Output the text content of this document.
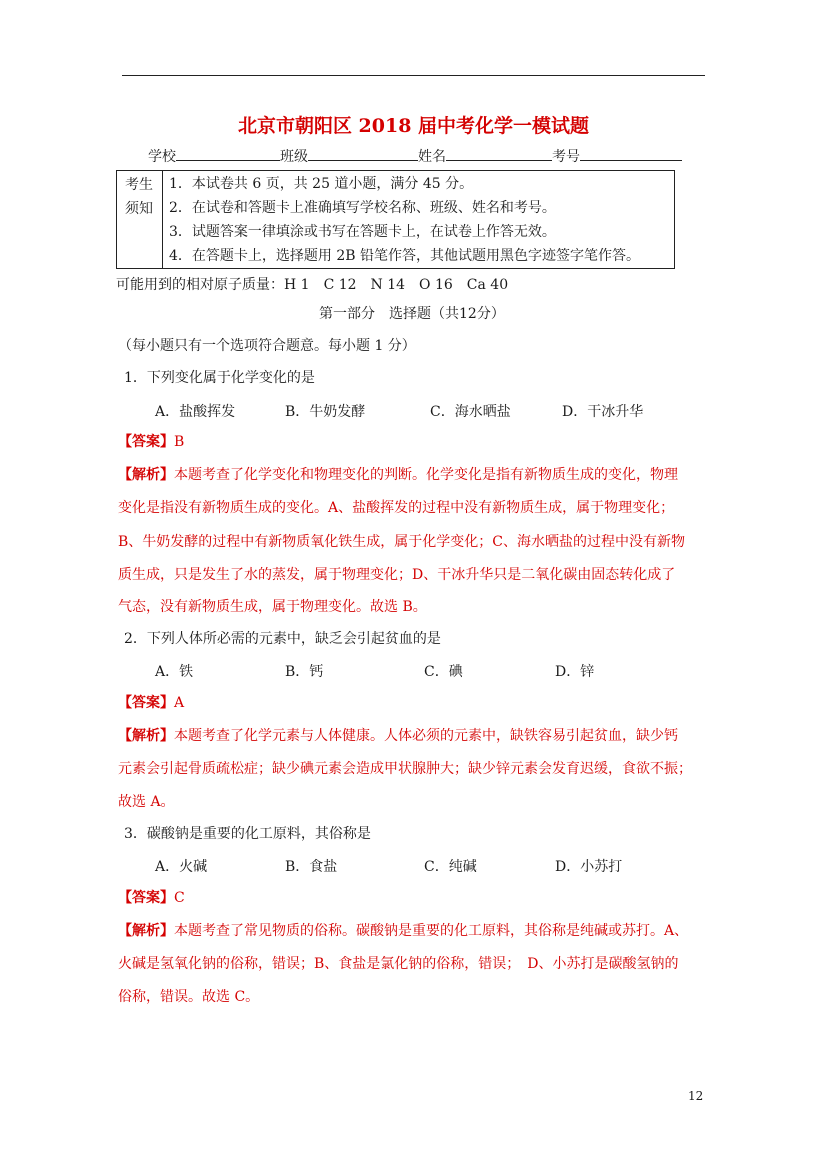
北京市朝阳区 2018 届中考化学一模试题
学校	班级	姓名	考号
考生
须知
1．本试卷共 6 页，共 25 道小题，满分 45 分。
2．在试卷和答题卡上准确填写学校名称、班级、姓名和考号。
3．试题答案一律填涂或书写在答题卡上，在试卷上作答无效。
4．在答题卡上，选择题用 2B 铅笔作答，其他试题用黑色字迹签字笔作答。
可能用到的相对原子质量：H 1　C 12　N 14　O 16　Ca 40
第一部分　选择题（共12分）
（每小题只有一个选项符合题意。每小题 1 分）
1．下列变化属于化学变化的是
A．盐酸挥发	B．牛奶发酵	C．海水晒盐	D．干冰升华
【答案】B
【解析】本题考查了化学变化和物理变化的判断。化学变化是指有新物质生成的变化，物理
变化是指没有新物质生成的变化。A、盐酸挥发的过程中没有新物质生成，属于物理变化；
B、牛奶发酵的过程中有新物质氧化铁生成，属于化学变化；C、海水晒盐的过程中没有新物
质生成，只是发生了水的蒸发，属于物理变化；D、干冰升华只是二氧化碳由固态转化成了
气态，没有新物质生成，属于物理变化。故选 B。
2．下列人体所必需的元素中，缺乏会引起贫血的是
A．铁	B．钙	C．碘	D．锌
【答案】A
【解析】本题考查了化学元素与人体健康。人体必须的元素中，缺铁容易引起贫血，缺少钙
元素会引起骨质疏松症；缺少碘元素会造成甲状腺肿大；缺少锌元素会发育迟缓，食欲不振；
故选 A。
3．碳酸钠是重要的化工原料，其俗称是
A．火碱	B．食盐	C．纯碱	D．小苏打
【答案】C
【解析】本题考查了常见物质的俗称。碳酸钠是重要的化工原料，其俗称是纯碱或苏打。A、
火碱是氢氧化钠的俗称，错误；B、食盐是氯化钠的俗称，错误；　D、小苏打是碳酸氢钠的
俗称，错误。故选 C。
12
